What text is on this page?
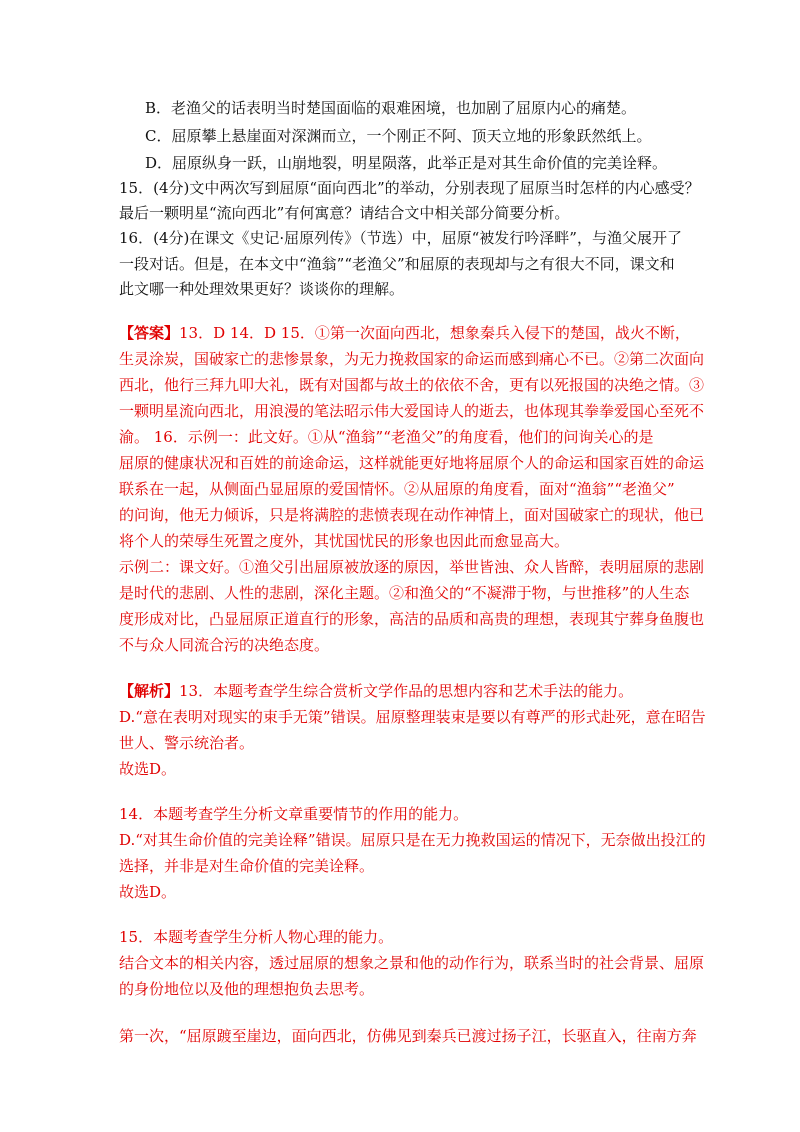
B．老渔父的话表明当时楚国面临的艰难困境，也加剧了屈原内心的痛楚。
C．屈原攀上悬崖面对深渊而立，一个刚正不阿、顶天立地的形象跃然纸上。
D．屈原纵身一跃，山崩地裂，明星陨落，此举正是对其生命价值的完美诠释。
15．(4分)文中两次写到屈原“面向西北”的举动，分别表现了屈原当时怎样的内心感受？
最后一颗明星“流向西北”有何寓意？请结合文中相关部分简要分析。
16．(4分)在课文《史记·屈原列传》（节选）中，屈原“被发行吟泽畔”，与渔父展开了
一段对话。但是，在本文中“渔翁”“老渔父”和屈原的表现却与之有很大不同，课文和
此文哪一种处理效果更好？谈谈你的理解。
【答案】13．D 14．D 15．①第一次面向西北，想象秦兵入侵下的楚国，战火不断，
生灵涂炭，国破家亡的悲惨景象，为无力挽救国家的命运而感到痛心不已。②第二次面向
西北，他行三拜九叩大礼，既有对国都与故土的依依不舍，更有以死报国的决绝之情。③
一颗明星流向西北，用浪漫的笔法昭示伟大爱国诗人的逝去，也体现其拳拳爱国心至死不
渝。 16．示例一：此文好。①从“渔翁”“老渔父”的角度看，他们的问询关心的是
屈原的健康状况和百姓的前途命运，这样就能更好地将屈原个人的命运和国家百姓的命运
联系在一起，从侧面凸显屈原的爱国情怀。②从屈原的角度看，面对“渔翁”“老渔父”
的问询，他无力倾诉，只是将满腔的悲愤表现在动作神情上，面对国破家亡的现状，他已
将个人的荣辱生死置之度外，其忧国忧民的形象也因此而愈显高大。
示例二：课文好。①渔父引出屈原被放逐的原因，举世皆浊、众人皆醉，表明屈原的悲剧
是时代的悲剧、人性的悲剧，深化主题。②和渔父的“不凝滞于物，与世推移”的人生态
度形成对比，凸显屈原正道直行的形象，高洁的品质和高贵的理想，表现其宁葬身鱼腹也
不与众人同流合污的决绝态度。
【解析】13．本题考查学生综合赏析文学作品的思想内容和艺术手法的能力。
D.“意在表明对现实的束手无策”错误。屈原整理装束是要以有尊严的形式赴死，意在昭告
世人、警示统治者。
故选D。
14．本题考查学生分析文章重要情节的作用的能力。
D.“对其生命价值的完美诠释”错误。屈原只是在无力挽救国运的情况下，无奈做出投江的
选择，并非是对生命价值的完美诠释。
故选D。
15．本题考查学生分析人物心理的能力。
结合文本的相关内容，透过屈原的想象之景和他的动作行为，联系当时的社会背景、屈原
的身份地位以及他的理想抱负去思考。
第一次，“屈原踱至崖边，面向西北，仿佛见到秦兵已渡过扬子江，长驱直入，往南方奔
